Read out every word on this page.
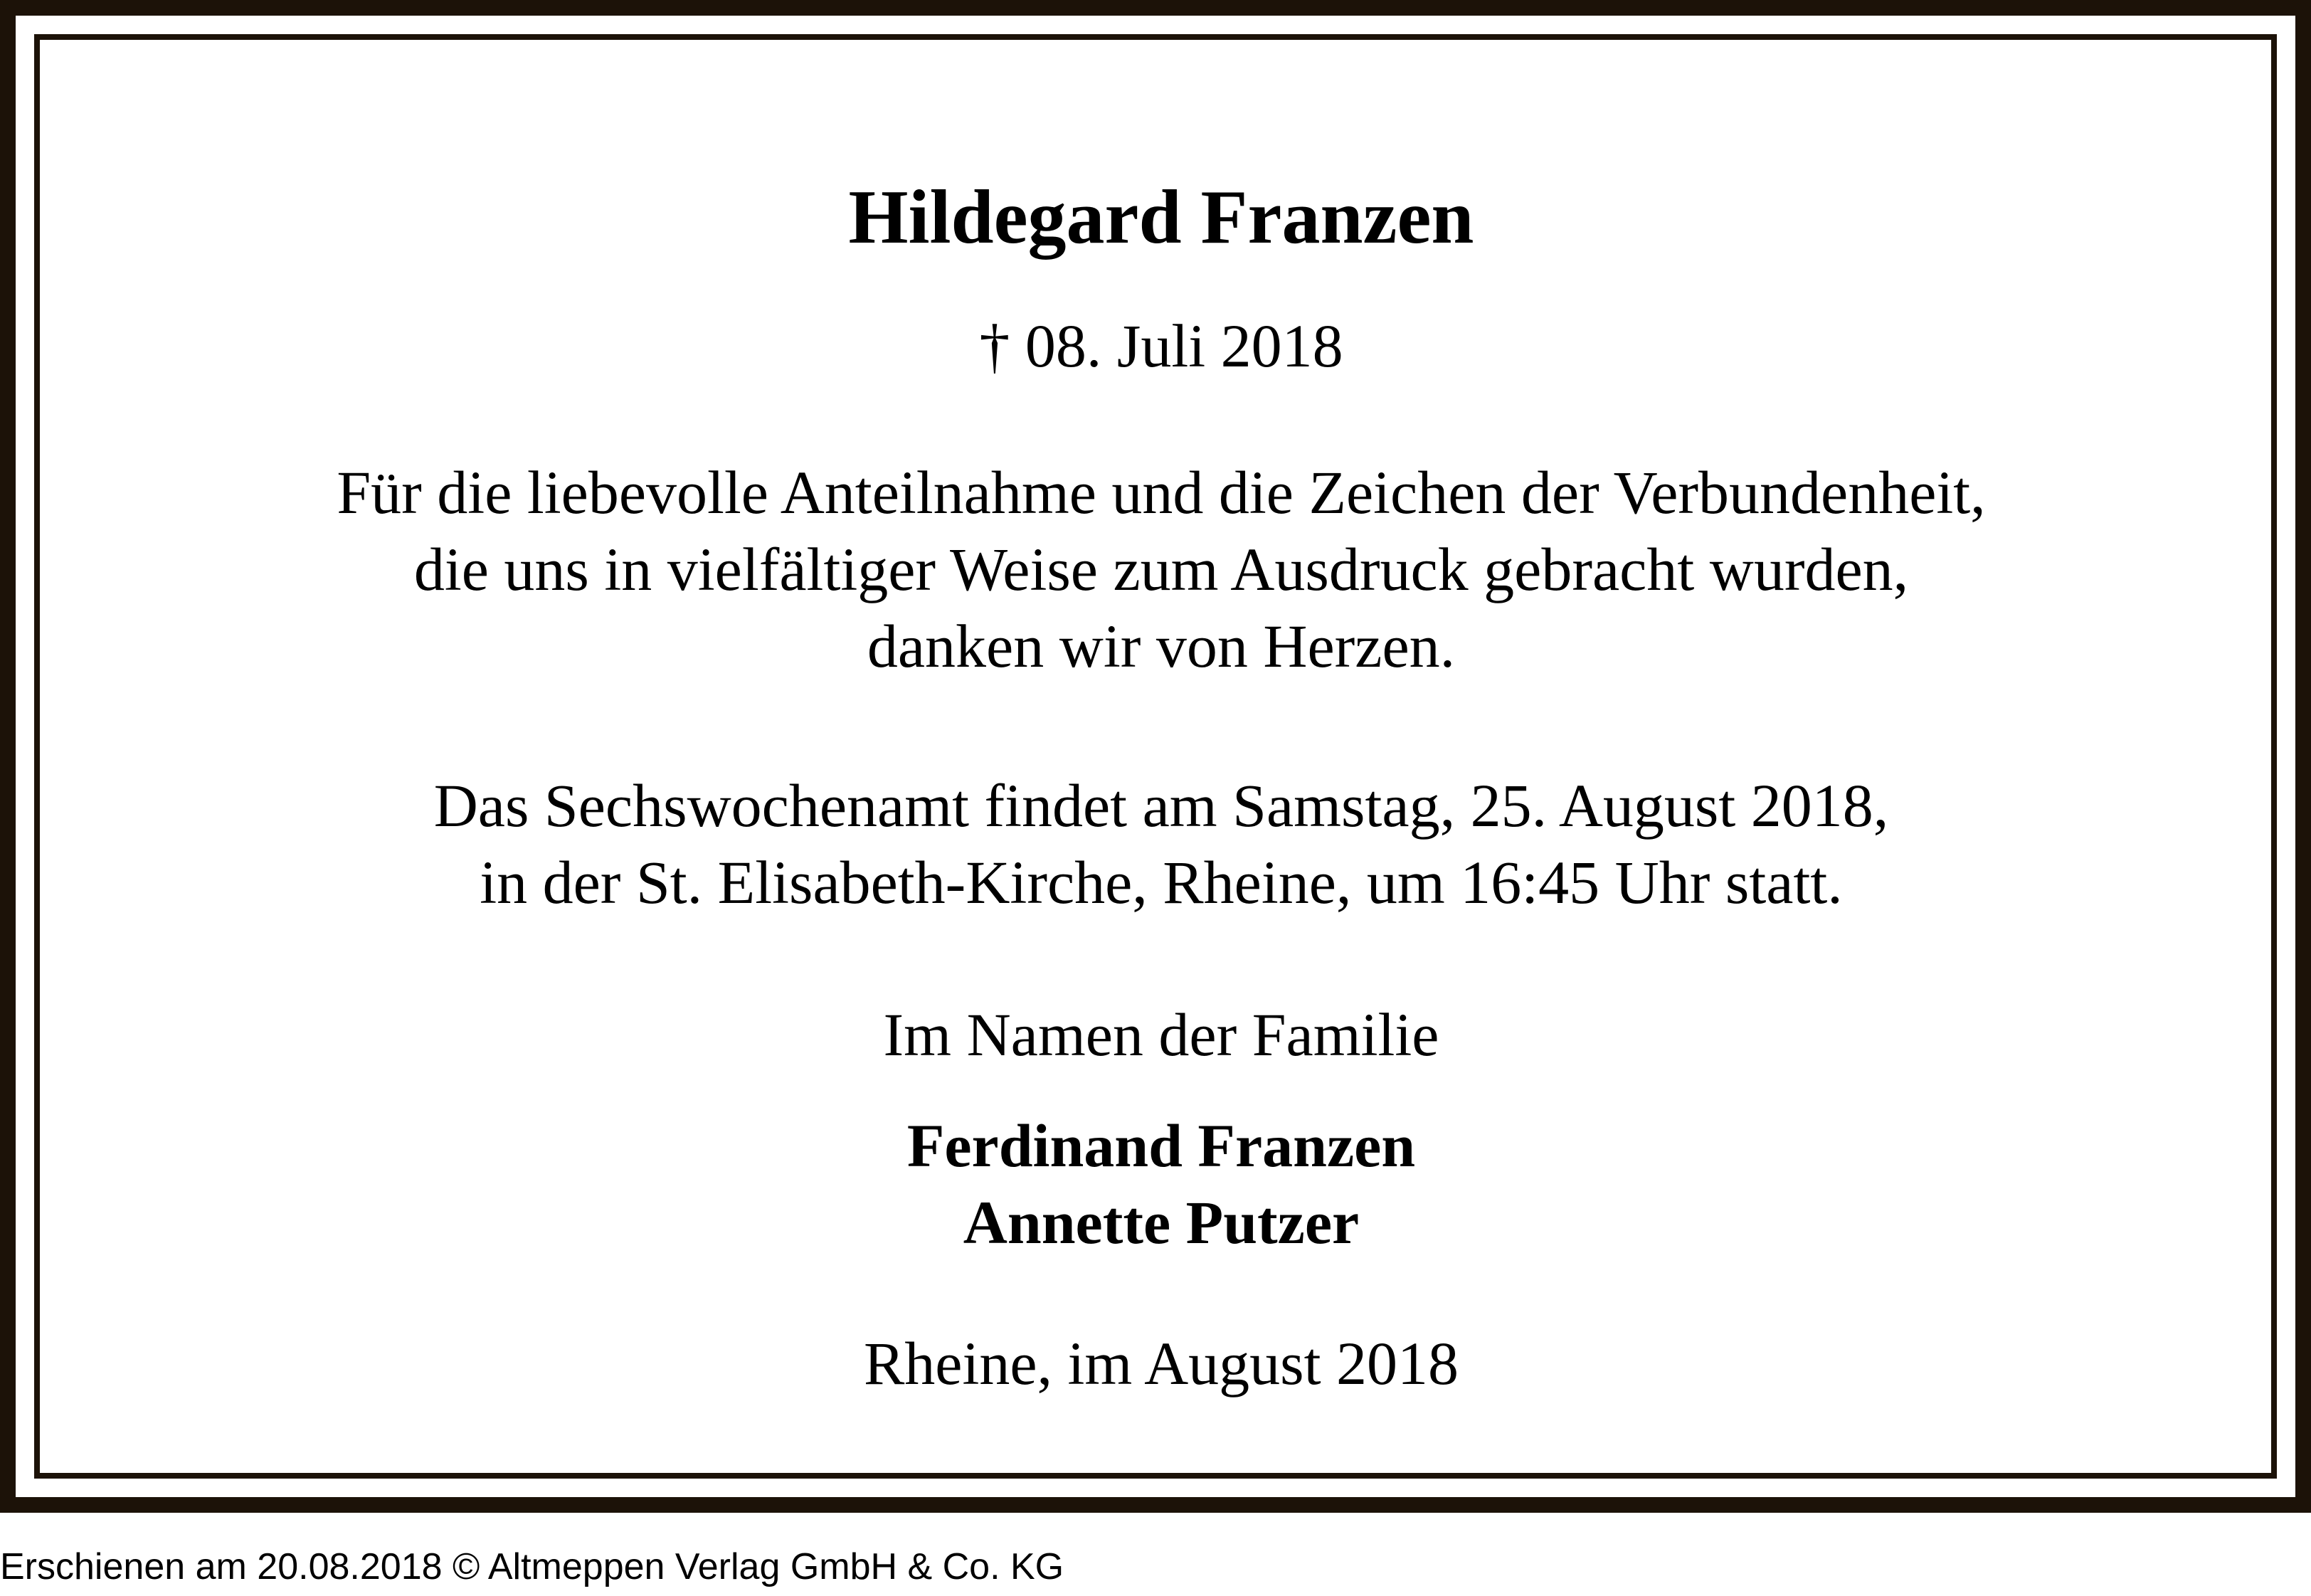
Hildegard Franzen
† 08. Juli 2018
Für die liebevolle Anteilnahme und die Zeichen der Verbundenheit,
die uns in vielfältiger Weise zum Ausdruck gebracht wurden,
danken wir von Herzen.
Das Sechswochenamt findet am Samstag, 25. August 2018,
in der St. Elisabeth-Kirche, Rheine, um 16:45 Uhr statt.
Im Namen der Familie
Ferdinand Franzen
Annette Putzer
Rheine, im August 2018
Erschienen am 20.08.2018 © Altmeppen Verlag GmbH & Co. KG
